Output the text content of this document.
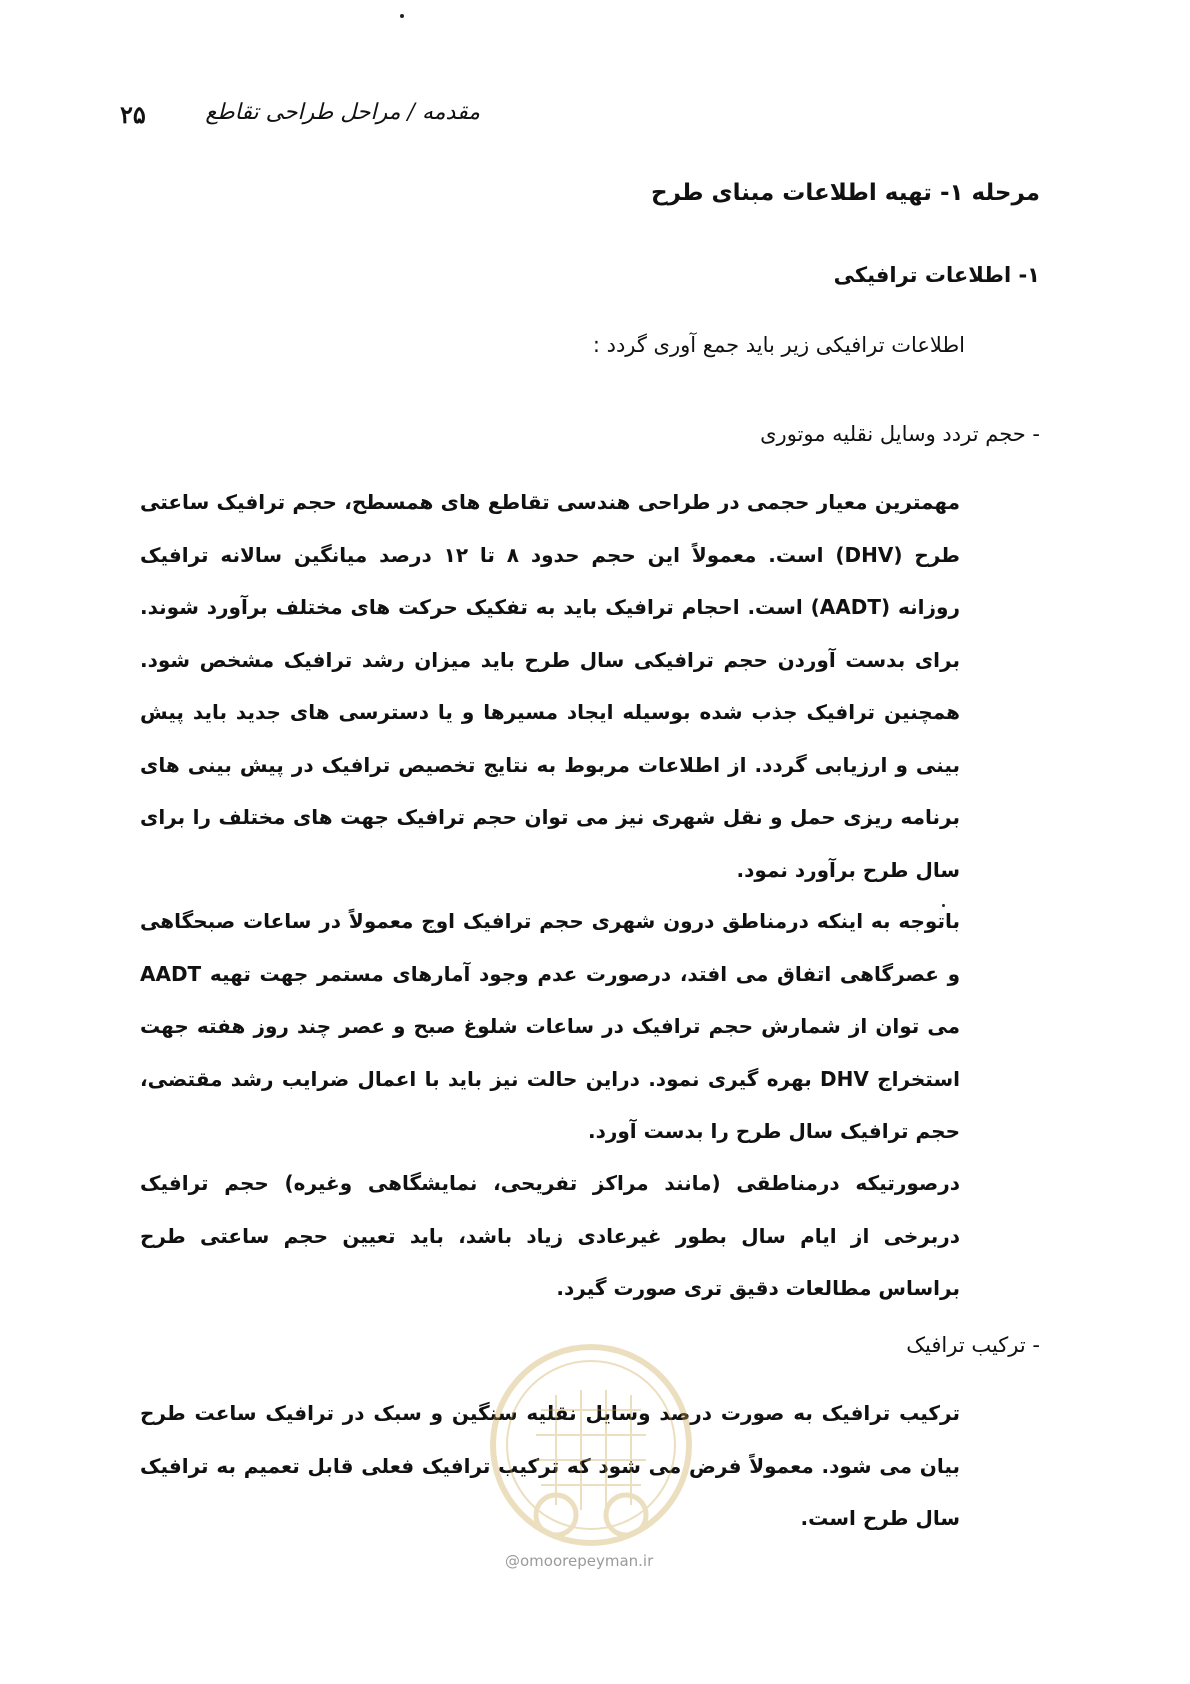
۲۵	مقدمه / مراحل طراحی تقاطع
مرحله ۱- تهیه اطلاعات مبنای طرح
۱- اطلاعات ترافیکی
اطلاعات ترافیکی زیر باید جمع آوری گردد :
- حجم تردد وسایل نقلیه موتوری

مهمترین معیار حجمی در طراحی هندسی تقاطع های همسطح، حجم ترافیک ساعتی طرح (DHV) است. معمولاً این حجم حدود ۸ تا ۱۲ درصد میانگین سالانه ترافیک روزانه (AADT) است. احجام ترافیک باید به تفکیک حرکت های مختلف برآورد شوند. برای بدست آوردن حجم ترافیکی سال طرح باید میزان رشد ترافیک مشخص شود. همچنین ترافیک جذب شده بوسیله ایجاد مسیرها و یا دسترسی های جدید باید پیش بینی و ارزیابی گردد. از اطلاعات مربوط به نتایج تخصیص ترافیک در پیش بینی های برنامه ریزی حمل و نقل شهری نیز می توان حجم ترافیک جهت های مختلف را برای سال طرح برآورد نمود.

باتوجه به اینکه درمناطق درون شهری حجم ترافیک اوج معمولاً در ساعات صبحگاهی و عصرگاهی اتفاق می افتد، درصورت عدم وجود آمارهای مستمر جهت تهیه AADT می توان از شمارش حجم ترافیک در ساعات شلوغ صبح و عصر چند روز هفته جهت استخراج DHV بهره گیری نمود. دراین حالت نیز باید با اعمال ضرایب رشد مقتضی، حجم ترافیک سال طرح را بدست آورد.

درصورتیکه درمناطقی (مانند مراکز تفریحی، نمایشگاهی وغیره) حجم ترافیک دربرخی از ایام سال بطور غیرعادی زیاد باشد، باید تعیین حجم ساعتی طرح براساس مطالعات دقیق تری صورت گیرد.

- ترکیب ترافیک

ترکیب ترافیک به صورت درصد وسایل نقلیه سنگین و سبک در ترافیک ساعت طرح بیان می شود. معمولاً فرض می شود که ترکیب ترافیک فعلی قابل تعمیم به ترافیک سال طرح است.

@omoorepeyman.ir
